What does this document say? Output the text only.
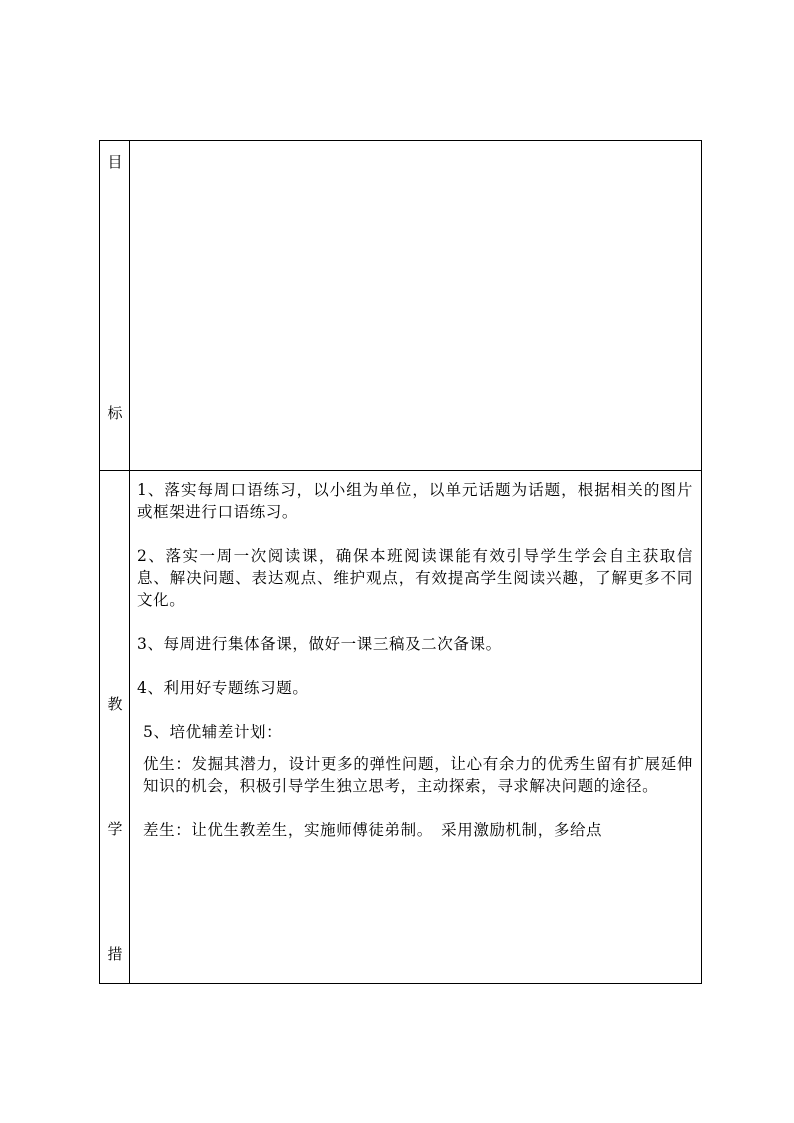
目
标
教
学
措

1、落实每周口语练习，以小组为单位，以单元话题为话题，根据相关的图片或框架进行口语练习。

2、落实一周一次阅读课，确保本班阅读课能有效引导学生学会自主获取信息、解决问题、表达观点、维护观点，有效提高学生阅读兴趣，了解更多不同文化。

3、每周进行集体备课，做好一课三稿及二次备课。

4、利用好专题练习题。

5、培优辅差计划：

优生：发掘其潜力，设计更多的弹性问题，让心有余力的优秀生留有扩展延伸知识的机会，积极引导学生独立思考，主动探索，寻求解决问题的途径。

差生：让优生教差生，实施师傅徒弟制。　采用激励机制，多给点
